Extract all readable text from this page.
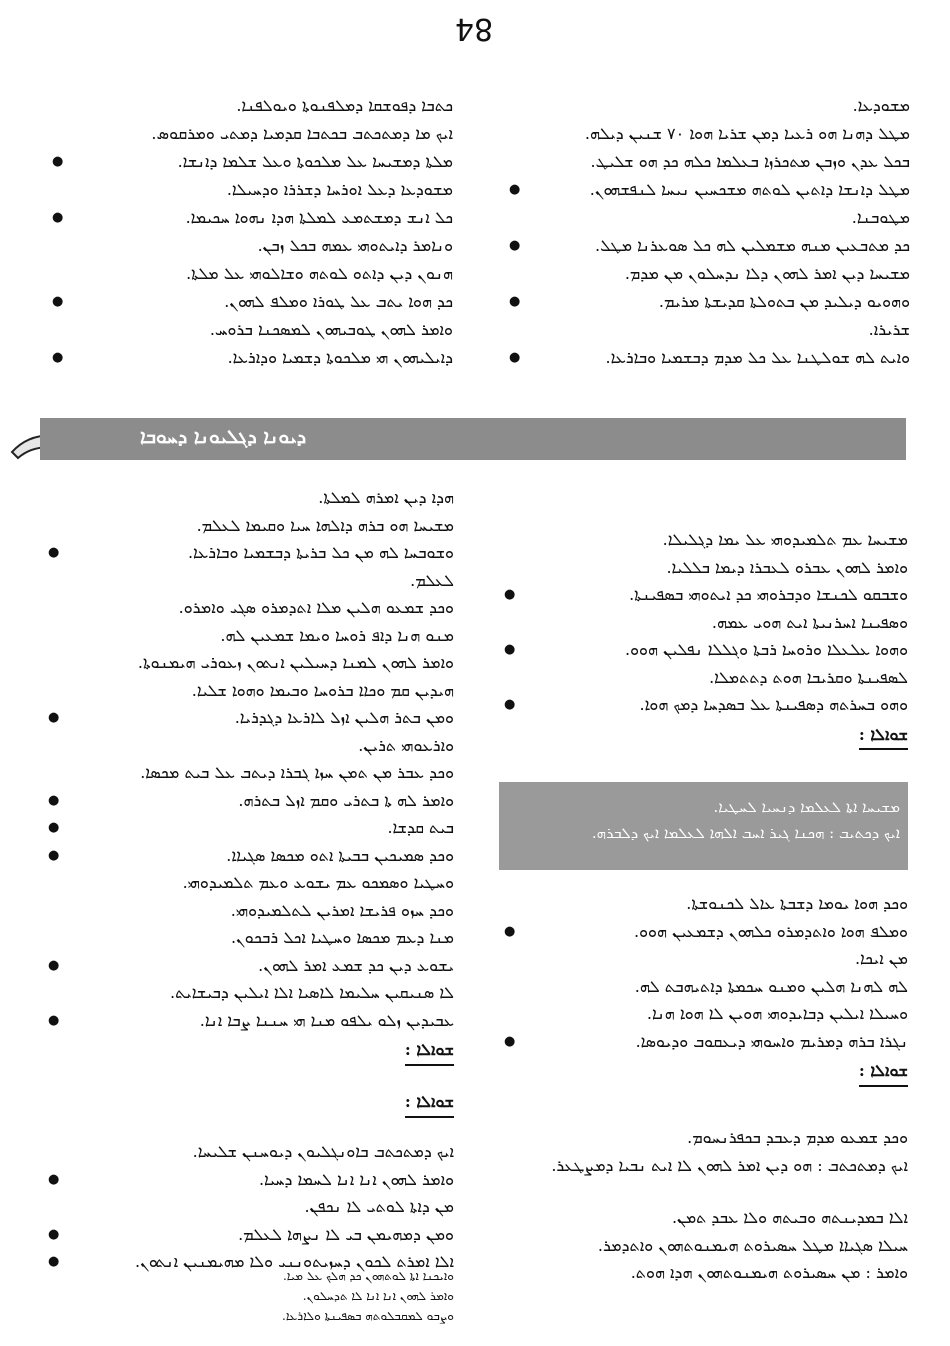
84

ܟܬܒܐ ܕܦܘܫܩܐ ܕܡܠܦܢܘܬܐ ܘܝܘܠܦܢܐ.

ܐܝܟ ܡܐ ܕܡܬܟܬܒ ܒܟܬܒܐ ܩܕܡܝܐ ܕܡܬܝ ܘܡܪܩܘܣ.

● ܡܠܬܐ ܕܡܫܝܚܐ ܥܠ ܡܠܟܘܬܐ ܘܥܠ ܫܠܡܐ ܕܐܢܫܐ.

ܡܫܘܕܥܐ ܕܥܠ ܐܘܪܚܐ ܕܫܪܪܐ ܘܕܚܝܠܐ.

● ܟܠ ܐܢܫ ܕܡܫܬܡܥ ܠܡܠܬܐ ܗܕܐ ܢܗܘܐ ܚܟܝܡܐ.

ܘܢܐܡܪ ܕܐܝܬܘܗܝ ܥܡܗ ܒܟܠ ܙܒܢ.

ܗܢܘܢ ܕܝܢ ܕܐܬܘ ܠܘܬܗ ܘܫܐܠܘܗܝ ܥܠ ܡܠܬܐ.

● ܟܕ ܗܘܐ ܝܬܒ ܥܠ ܛܘܪܐ ܘܡܠܦ ܠܗܘܢ.

ܘܐܡܪ ܠܗܘܢ ܛܘܒܝܗܘܢ ܠܡܣܟܢܐ ܒܪܘܚ.

● ܕܐܝܠܝܗܘܢ ܗܝ ܡܠܟܘܬܐ ܕܫܡܝܐ ܘܕܐܪܥܐ.

ܡܫܘܕܥܐ.

ܡܛܠ ܕܗܢܐ ܗܘ ܪܥܝܐ ܕܡܢ ܫܪܝܐ ܗܘܐ ٧٠ ܫܢܝܢ ܕܝܠܗ.

ܒܟܠ ܥܕܢ ܘܙܒܢ ܡܬܟܪܙܐ ܒܥܠܡܐ ܟܠܗ ܟܕ ܗܘ ܫܠܝܛ.

● ܡܛܠ ܕܐܢܫܐ ܕܐܬܝܢ ܠܘܬܗ ܡܫܟܚܝܢ ܢܝܚܐ ܠܢܦܫܗܘܢ.

ܡܛܘܒܢܐ.

● ܟܕ ܡܬܒܥܝܢ ܡܢܗ ܡܫܡܠܝܢ ܠܗ ܟܠ ܣܘܥܪܢܐ ܡܛܠ.

ܡܫܝܚܐ ܕܝܢ ܐܡܪ ܠܗܘܢ ܕܠܐ ܢܕܚܠܘܢ ܡܢ ܡܕܡ.

● ܘܗܘܝܘ ܕܝܠܝܕ ܡܢ ܒܬܘܠܬܐ ܩܕܝܫܬܐ ܡܪܝܡ.

ܫܪܝܪܐ.

● ܘܐܝܬ ܠܗ ܫܘܠܛܢܐ ܥܠ ܟܠ ܡܕܡ ܕܒܫܡܝܐ ܘܒܐܪܥܐ.

ܕܝܘܢܐ ܕܓܠܝܘܢܐ ܕܚܘܒܐ

ܗܕܐ ܕܝܢ ܐܡܪܗ ܠܡܠܬܐ.

ܡܫܝܚܐ ܗܘ ܒܪܗ ܕܐܠܗܐ ܚܝܐ ܘܩܝܡܐ ܠܥܠܡ.

● ܘܫܘܒܚܐ ܠܗ ܡܢ ܟܠ ܒܪܝܬܐ ܕܒܫܡܝܐ ܘܒܐܪܥܐ.

ܠܥܠܡ.

ܘܟܕ ܫܡܥܘ ܗܠܝܢ ܡܠܐ ܐܬܕܡܪܘ ܣܓܝ ܘܐܡܪܘ.

ܡܢܘ ܗܢܐ ܕܐܦ ܪܘܚܐ ܘܝܡܐ ܫܡܥܝܢ ܠܗ.

ܘܐܡܪ ܠܗܘܢ ܠܡܢܐ ܕܚܝܠܝܢ ܐܢܬܘܢ ܙܥܘܪܝ ܗܝܡܢܘܬܐ.

ܗܝܕܝܢ ܩܡ ܘܟܐܐ ܒܪܘܚܐ ܘܒܝܡܐ ܘܗܘܐ ܫܠܝܐ.

● ܘܡܢ ܒܬܪ ܗܠܝܢ ܐܙܠ ܠܐܪܥܐ ܕܓܕܪܝܐ.

ܘܐܪܥܘܗܝ ܬܪܝܢ.

ܘܟܕ ܥܒܪ ܡܢ ܬܡܢ ܚܙܐ ܓܒܪܐ ܕܝܬܒ ܥܠ ܒܝܬ ܡܟܣܐ.

● ܘܐܡܪ ܠܗ ܬܐ ܒܬܪܝ ܘܩܡ ܐܙܠ ܒܬܪܗ.

● ܒܝܬ ܩܕܫܐ.

● ܘܟܕ ܣܡܝܟܝܢ ܒܒܝܬܐ ܐܬܘ ܡܟܣܐ ܣܓܝܐܐ.

ܘܚܛܝܐ ܘܣܡܟܘ ܥܡ ܝܫܘܥ ܘܥܡ ܬܠܡܝܕܘܗܝ.

ܘܟܕ ܚܙܘ ܦܪܝܫܐ ܐܡܪܝܢ ܠܬܠܡܝܕܘܗܝ.

ܡܢܐ ܕܥܡ ܡܟܣܐ ܘܚܛܝܐ ܐܟܠ ܪܒܟܘܢ.

● ܝܫܘܥ ܕܝܢ ܟܕ ܫܡܥ ܐܡܪ ܠܗܘܢ.

ܠܐ ܣܢܝܩܝܢ ܚܠܝܡܐ ܠܐܣܝܐ ܐܠܐ ܐܝܠܝܢ ܕܒܝܫܐܝܬ.

● ܥܒܝܕܝܢ ܙܠܘ ܝܠܦܘ ܡܢܐ ܗܝ ܚܢܢܐ ܨܒܐ ܐܢܐ.

ܫܘܐܠܐ :

ܐܝܟ ܕܡܬܟܬܒ ܒܐܘܢܓܠܝܘܢ ܕܝܘܚܢܢ ܫܠܝܚܐ.

● ܘܐܡܪ ܠܗܘܢ ܐܢܐ ܐܢܐ ܠܚܡܐ ܕܚܝܐ.

ܡܢ ܕܐܬܐ ܠܘܬܝ ܠܐ ܢܟܦܢ.

● ܘܡܢ ܕܡܗܝܡܢ ܒܝ ܠܐ ܢܨܗܐ ܠܥܠܡ.

● ܐܠܐ ܐܡܪܬ ܠܟܘܢ ܕܚܙܝܬܘܢܢܝ ܘܠܐ ܡܗܝܡܢܝܢ ܐܢܬܘܢ.

ܡܫܝܚܐ ܥܡ ܬܠܡܝܕܘܗܝ ܥܠ ܝܡܐ ܕܓܠܝܠܐ.

ܘܐܡܪ ܠܗܘܢ ܥܒܪܘ ܠܥܒܪܐ ܕܝܡܐ ܒܠܠܝܐ.

● ܘܫܒܩܘ ܠܟܢܫܐ ܘܕܒܪܘܗܝ ܟܕ ܐܝܬܘܗܝ ܒܣܦܝܢܬܐ.

ܘܣܦܝܢܐ ܐܚܪܢܝܬܐ ܐܝܬ ܗܘܝ ܥܡܗ.

● ܘܗܘܐ ܥܠܥܠܐ ܘܪܘܚܐ ܪܒܬܐ ܘܓܠܠܐ ܢܦܠܝܢ ܗܘܘ.

ܠܣܦܝܢܬܐ ܘܩܪܝܒܐ ܗܘܬ ܕܬܬܡܠܐ.

● ܘܗܘ ܒܚܪܬܗ ܕܣܦܝܢܬܐ ܥܠ ܒܣܕܚܐ ܕܡܟ ܗܘܐ.

ܫܘܐܠܐ :

ܡܫܝܚܐ ܐܬܐ ܠܥܠܡܐ ܕܢܚܝܐ ܠܚܛܝܐ.

ܐܝܟ ܕܟܬܝܒ : ܗܟܢܐ ܓܝܪ ܐܚܒ ܐܠܗܐ ܠܥܠܡܐ ܐܝܟ ܕܠܒܪܗ.

ܘܟܕ ܗܘܐ ܝܘܡܐ ܕܫܒܬܐ ܥܐܠ ܠܟܢܘܫܬܐ.

● ܘܡܠܦ ܗܘܐ ܘܐܬܕܡܪܘ ܟܠܗܘܢ ܕܫܡܥܝܢ ܗܘܘ.

ܡܢ ܐܝܟܐ.

ܠܗ ܠܗܢܐ ܗܠܝܢ ܘܡܢܘ ܚܟܡܬܐ ܕܐܬܝܗܒܬ ܠܗ.

ܘܚܝܠܐ ܐܝܠܝܢ ܕܒܐܝܕܘܗܝ ܗܘܝܢ ܠܐ ܗܘܐ ܗܢܐ.

● ܢܓܪܐ ܒܪܗ ܕܡܪܝܡ ܘܐܚܘܗܝ ܕܝܥܩܘܒ ܘܕܝܘܣܐ.

ܫܘܐܠܐ :

ܘܟܕ ܫܡܥܘ ܡܕܡ ܕܥܒܕ ܒܟܦܪܢܚܘܡ.

ܐܝܟ ܕܡܬܟܬܒ : ܗܘ ܕܝܢ ܐܡܪ ܠܗܘܢ ܠܐ ܐܝܬ ܢܒܝܐ ܕܡܨܛܥܪ.

ܐܠܐ ܒܡܕܝܢܬܗ ܘܒܝܬܗ ܘܠܐ ܥܒܕ ܬܡܢ.

ܚܝܠܐ ܣܓܝܐܐ ܡܛܠ ܚܣܝܪܘܬ ܗܝܡܢܘܬܗܘܢ ܘܐܬܕܡܪ.

ܘܐܡܪ : ܡܢ ܚܣܝܪܘܬ ܗܝܡܢܘܬܗܘܢ ܗܕܐ ܗܘܬ.

ܫܘܐܠܐ :

ܘܐܝܟܢܐ ܐܬܐ ܠܘܬܗܘܢ ܟܕ ܗܠܟ ܥܠ ܡܝܐ.

ܘܐܡܪ ܠܗܘܢ ܐܢܐ ܐܢܐ ܠܐ ܬܕܚܠܘܢ.

ܘܨܒܘ ܠܡܩܒܠܘܬܗ ܒܣܦܝܢܬܐ ܘܠܐܪܥܐ.
